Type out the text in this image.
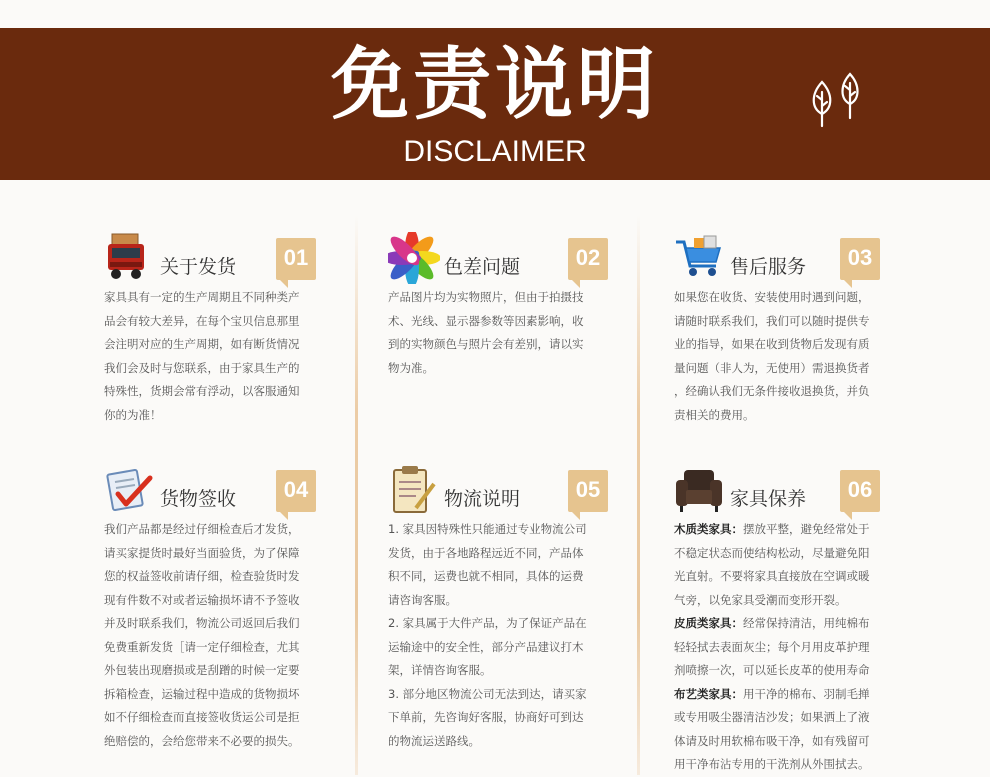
免责说明
DISCLAIMER
关于发货	01

家具具有一定的生产周期且不同种类产

品会有较大差异，在每个宝贝信息那里

会注明对应的生产周期，如有断货情况

我们会及时与您联系，由于家具生产的

特殊性，货期会常有浮动，以客服通知

你的为准！

色差问题	02

产品图片均为实物照片，但由于拍摄技

术、光线、显示器参数等因素影响，收

到的实物颜色与照片会有差别，请以实

物为准。

售后服务	03

如果您在收货、安装使用时遇到问题，

请随时联系我们，我们可以随时提供专

业的指导，如果在收到货物后发现有质

量问题（非人为，无使用）需退换货者

，经确认我们无条件接收退换货，并负

责相关的费用。

货物签收	04

我们产品都是经过仔细检查后才发货，

请买家提货时最好当面验货，为了保障

您的权益签收前请仔细，检查验货时发

现有件数不对或者运输损坏请不予签收

并及时联系我们，物流公司返回后我们

免费重新发货［请一定仔细检查，尤其

外包装出现磨损或是刮蹭的时候一定要

拆箱检查，运输过程中造成的货物损坏

如不仔细检查而直接签收货运公司是拒

绝赔偿的，会给您带来不必要的损失。

物流说明	05

1. 家具因特殊性只能通过专业物流公司

发货，由于各地路程远近不同，产品体

积不同，运费也就不相同，具体的运费

请咨询客服。

2. 家具属于大件产品，为了保证产品在

运输途中的安全性，部分产品建议打木

架，详情咨询客服。

3. 部分地区物流公司无法到达，请买家

下单前，先咨询好客服，协商好可到达

的物流运送路线。

家具保养	06

木质类家具：摆放平整，避免经常处于

不稳定状态而使结构松动，尽量避免阳

光直射。不要将家具直接放在空调或暖

气旁，以免家具受潮而变形开裂。

皮质类家具：经常保持清洁，用纯棉布

轻轻拭去表面灰尘；每个月用皮革护理

剂喷擦一次，可以延长皮革的使用寿命

布艺类家具：用干净的棉布、羽制毛掸

或专用吸尘器清洁沙发；如果洒上了液

体请及时用软棉布吸干净，如有残留可

用干净布沾专用的干洗剂从外围拭去。
